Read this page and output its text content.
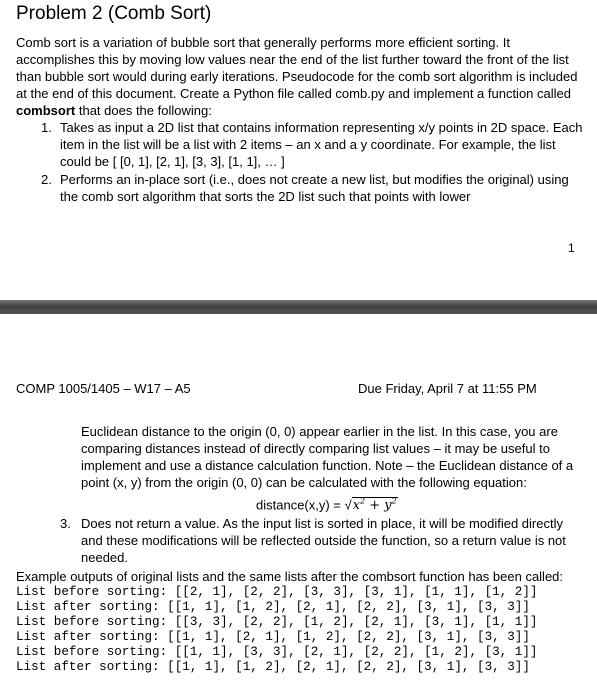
Problem 2 (Comb Sort)

Comb sort is a variation of bubble sort that generally performs more efficient sorting. It accomplishes this by moving low values near the end of the list further toward the front of the list than bubble sort would during early iterations. Pseudocode for the comb sort algorithm is included at the end of this document. Create a Python file called comb.py and implement a function called combsort that does the following:

1. Takes as input a 2D list that contains information representing x/y points in 2D space. Each item in the list will be a list with 2 items – an x and a y coordinate. For example, the list could be [ [0, 1], [2, 1], [3, 3], [1, 1], … ]
2. Performs an in-place sort (i.e., does not create a new list, but modifies the original) using the comb sort algorithm that sorts the 2D list such that points with lower
1
COMP 1005/1405 – W17 – A5	Due Friday, April 7 at 11:55 PM
Euclidean distance to the origin (0, 0) appear earlier in the list. In this case, you are comparing distances instead of directly comparing list values – it may be useful to implement and use a distance calculation function. Note – the Euclidean distance of a point (x, y) from the origin (0, 0) can be calculated with the following equation:
distance(x,y) = $√x^2 + y^2$
3. Does not return a value. As the input list is sorted in place, it will be modified directly and these modifications will be reflected outside the function, so a return value is not needed.
Example outputs of original lists and the same lists after the combsort function has been called:
List before sorting: [[2, 1], [2, 2], [3, 3], [3, 1], [1, 1], [1, 2]]
List after sorting: [[1, 1], [1, 2], [2, 1], [2, 2], [3, 1], [3, 3]]
List before sorting: [[3, 3], [2, 2], [1, 2], [2, 1], [3, 1], [1, 1]]
List after sorting: [[1, 1], [2, 1], [1, 2], [2, 2], [3, 1], [3, 3]]
List before sorting: [[1, 1], [3, 3], [2, 1], [2, 2], [1, 2], [3, 1]]
List after sorting: [[1, 1], [1, 2], [2, 1], [2, 2], [3, 1], [3, 3]]
